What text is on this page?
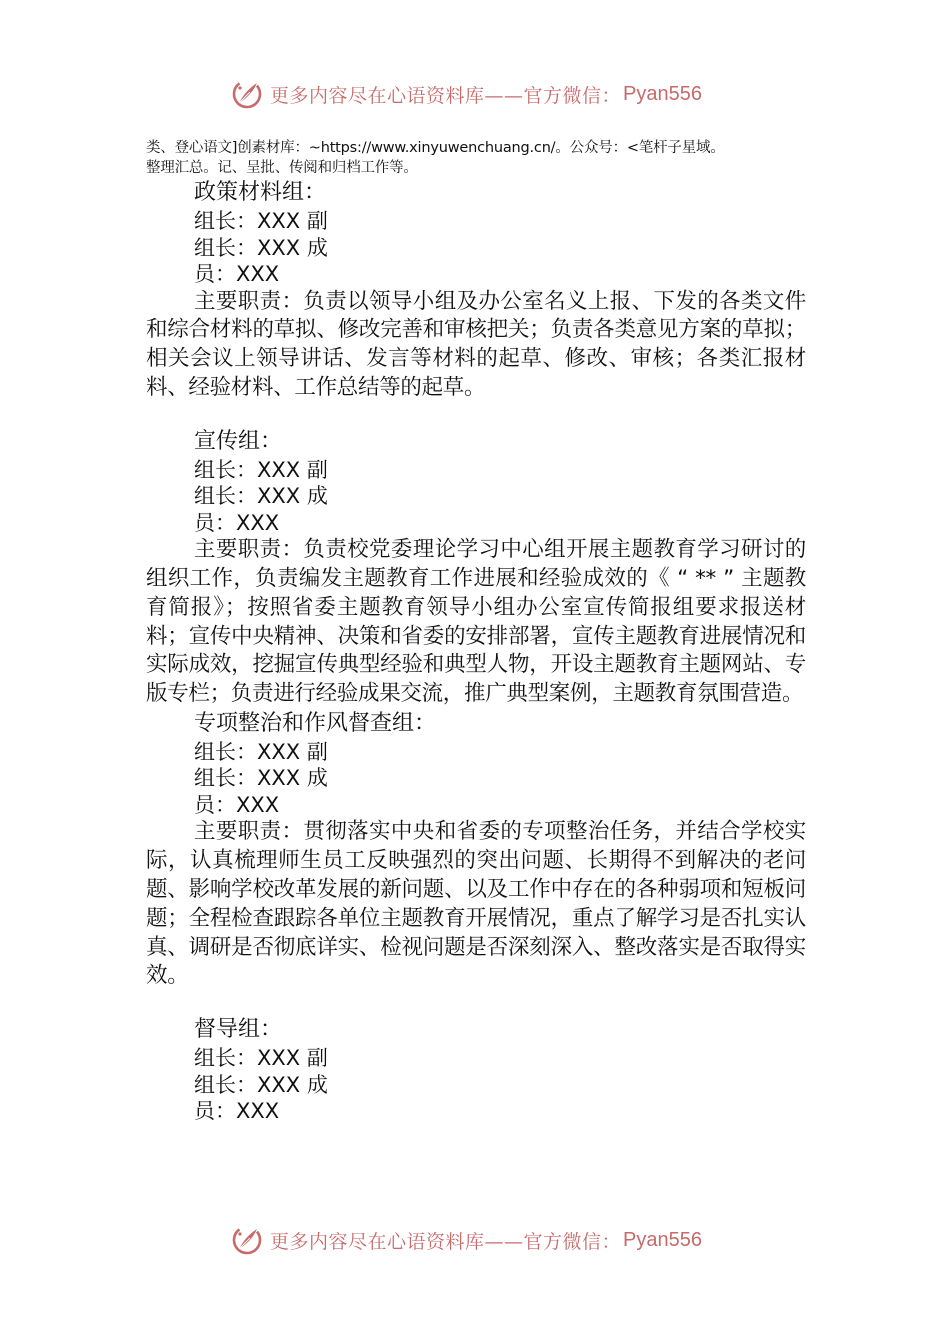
更多内容尽在心语资料库——官方微信： Pyan556
类、登心语文]创素材库：~https://www.xinyuwenchuang.cn/。公众号：<笔杆子星域。
整理汇总。记、呈批、传阅和归档工作等。
政策材料组：
组长：XXX 副
组长：XXX 成
员：XXX

主要职责：负责以领导小组及办公室名义上报、下发的各类文件和综合材料的草拟、修改完善和审核把关；负责各类意见方案的草拟；相关会议上领导讲话、发言等材料的起草、修改、审核；各类汇报材料、经验材料、工作总结等的起草。

宣传组：
组长：XXX 副
组长：XXX 成
员：XXX

主要职责：负责校党委理论学习中心组开展主题教育学习研讨的组织工作，负责编发主题教育工作进展和经验成效的《 “ ** ” 主题教育简报》；按照省委主题教育领导小组办公室宣传简报组要求报送材料；宣传中央精神、决策和省委的安排部署，宣传主题教育进展情况和实际成效，挖掘宣传典型经验和典型人物，开设主题教育主题网站、专版专栏；负责进行经验成果交流，推广典型案例，主题教育氛围营造。

专项整治和作风督查组：
组长：XXX 副
组长：XXX 成
员：XXX

主要职责：贯彻落实中央和省委的专项整治任务，并结合学校实际，认真梳理师生员工反映强烈的突出问题、长期得不到解决的老问题、影响学校改革发展的新问题、以及工作中存在的各种弱项和短板问题；全程检查跟踪各单位主题教育开展情况，重点了解学习是否扎实认真、调研是否彻底详实、检视问题是否深刻深入、整改落实是否取得实效。

督导组：
组长：XXX 副
组长：XXX 成
员：XXX
更多内容尽在心语资料库——官方微信： Pyan556
